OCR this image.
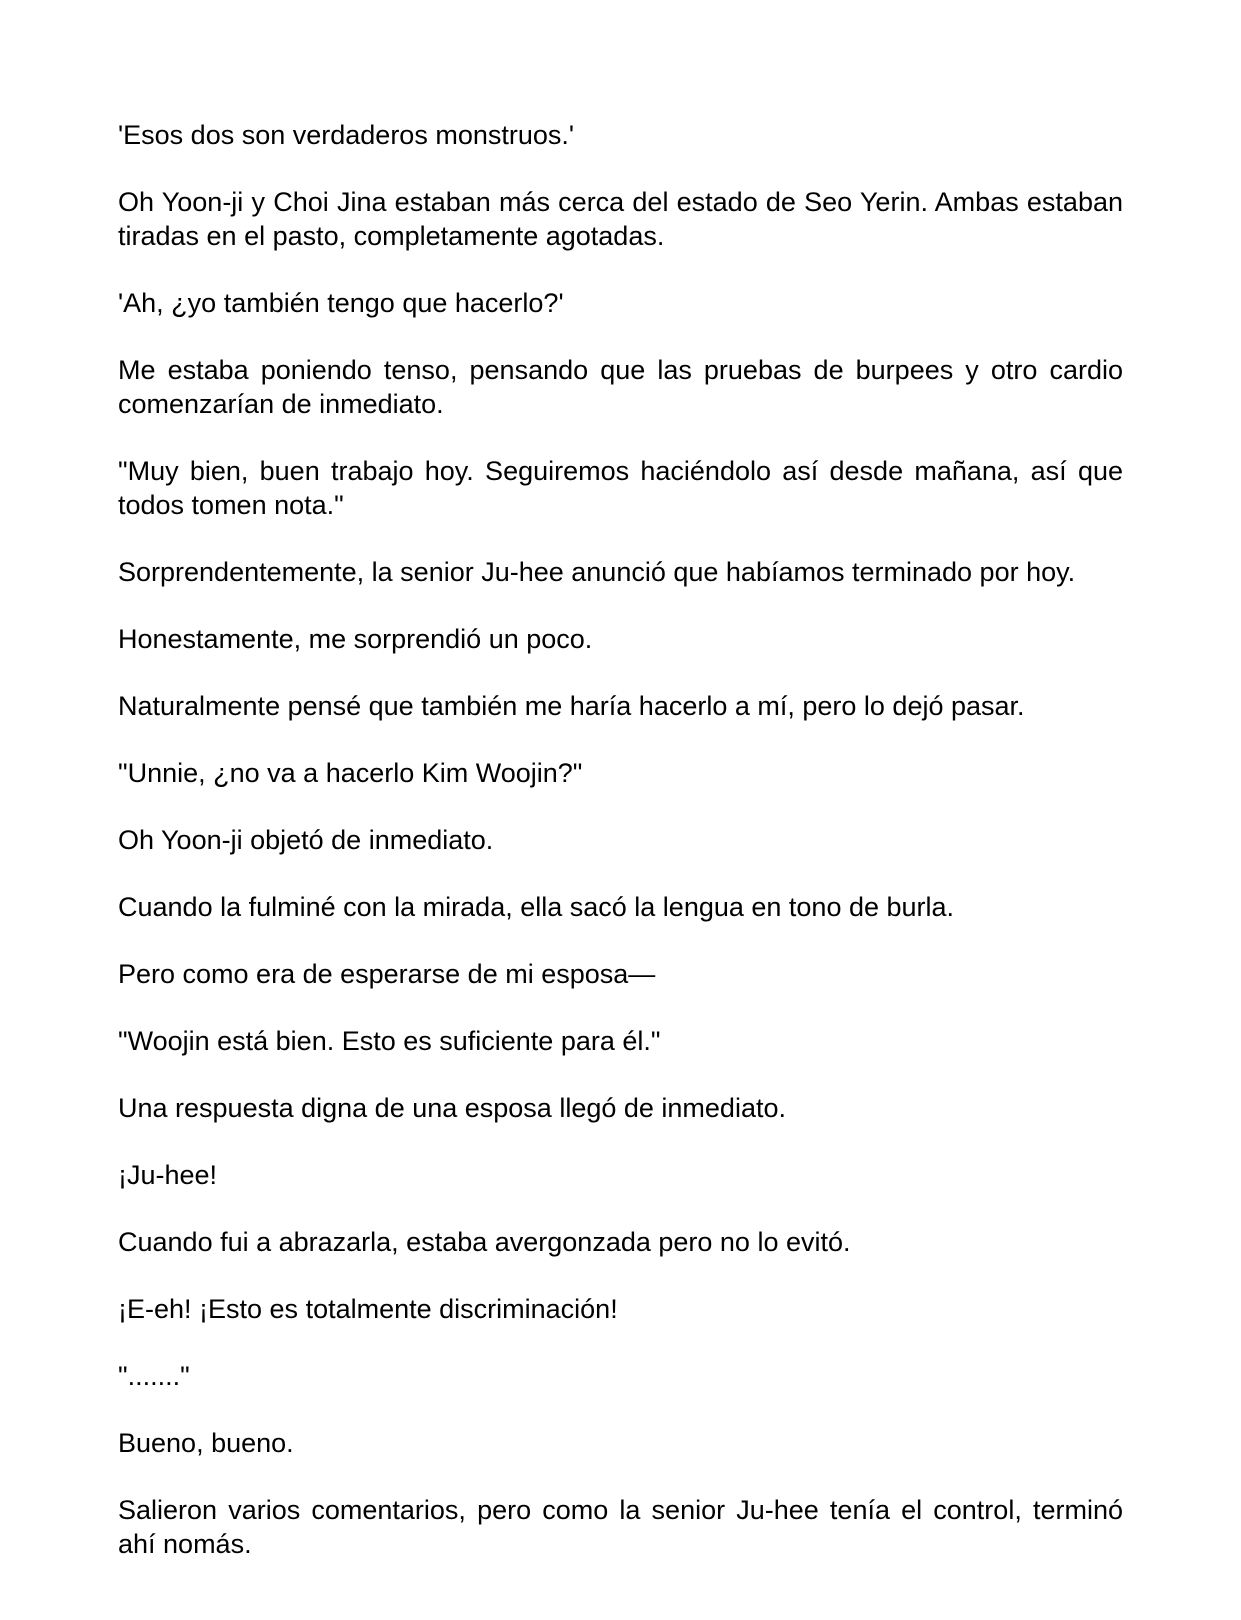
'Esos dos son verdaderos monstruos.'

Oh Yoon-ji y Choi Jina estaban más cerca del estado de Seo Yerin. Ambas estaban tiradas en el pasto, completamente agotadas.

'Ah, ¿yo también tengo que hacerlo?'

Me estaba poniendo tenso, pensando que las pruebas de burpees y otro cardio comenzarían de inmediato.

"Muy bien, buen trabajo hoy. Seguiremos haciéndolo así desde mañana, así que todos tomen nota."

Sorprendentemente, la senior Ju-hee anunció que habíamos terminado por hoy.

Honestamente, me sorprendió un poco.

Naturalmente pensé que también me haría hacerlo a mí, pero lo dejó pasar.

"Unnie, ¿no va a hacerlo Kim Woojin?"

Oh Yoon-ji objetó de inmediato.

Cuando la fulminé con la mirada, ella sacó la lengua en tono de burla.

Pero como era de esperarse de mi esposa—

"Woojin está bien. Esto es suficiente para él."

Una respuesta digna de una esposa llegó de inmediato.

¡Ju-hee!

Cuando fui a abrazarla, estaba avergonzada pero no lo evitó.

¡E-eh! ¡Esto es totalmente discriminación!

"......."

Bueno, bueno.

Salieron varios comentarios, pero como la senior Ju-hee tenía el control, terminó ahí nomás.
